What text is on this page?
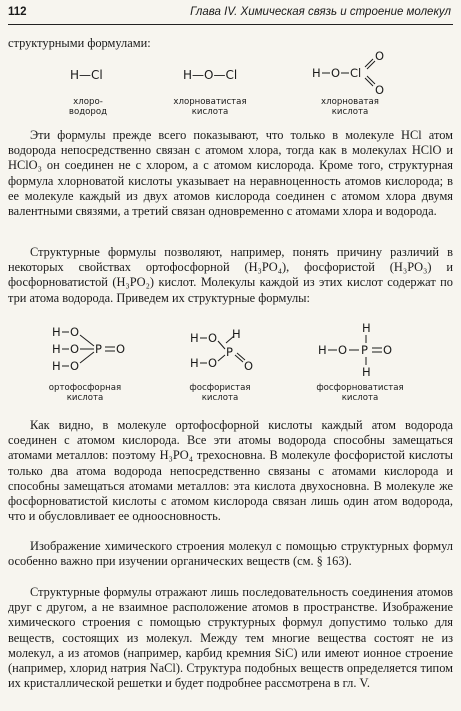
112	Глава IV. Химическая связь и строение молекул

структурными формулами:

H—Cl	H—O—Cl	H O Cl
O
O
хлоро-
водород
хлорноватистая
кислота
хлорноватая
кислота

Эти формулы прежде всего показывают, что только в молекуле HCl атом водорода непосредственно связан с атомом хлора, тогда как в молекулах HClO и HClO₃ он соединен не с хлором, а с атомом кислорода. Кроме того, структурная формула хлорноватой кислоты указывает на неравноценность атомов кислорода; в ее молекуле каждый из двух атомов кислорода соединен с атомом хлора двумя валентными связями, а третий связан одновременно с атомами хлора и водорода.

Структурные формулы позволяют, например, понять причину различий в некоторых свойствах ортофосфорной (H₃PO₄), фосфористой (H₃PO₃) и фосфорноватистой (H₃PO₂) кислот. Молекулы каждой из этих кислот содержат по три атома водорода. Приведем их структурные формулы:

H O
H O
H O
P O
H O
H O
P
H
O
H
H O P O
H
ортофосфорная
кислота
фосфористая
кислота
фосфорноватистая
кислота

Как видно, в молекуле ортофосфорной кислоты каждый атом водорода соединен с атомом кислорода. Все эти атомы водорода способны замещаться атомами металлов: поэтому H₃PO₄ трехосновна. В молекуле фосфористой кислоты только два атома водорода непосредственно связаны с атомами кислорода и способны замещаться атомами металлов: эта кислота двухосновна. В молекуле же фосфорноватистой кислоты с атомом кислорода связан лишь один атом водорода, что и обусловливает ее одноосновность.

Изображение химического строения молекул с помощью структурных формул особенно важно при изучении органических веществ (см. § 163).

Структурные формулы отражают лишь последовательность соединения атомов друг с другом, а не взаимное расположение атомов в пространстве. Изображение химического строения с помощью структурных формул допустимо только для веществ, состоящих из молекул. Между тем многие вещества состоят не из молекул, а из атомов (например, карбид кремния SiC) или имеют ионное строение (например, хлорид натрия NaCl). Структура подобных веществ определяется типом их кристаллической решетки и будет подробнее рассмотрена в гл. V.
